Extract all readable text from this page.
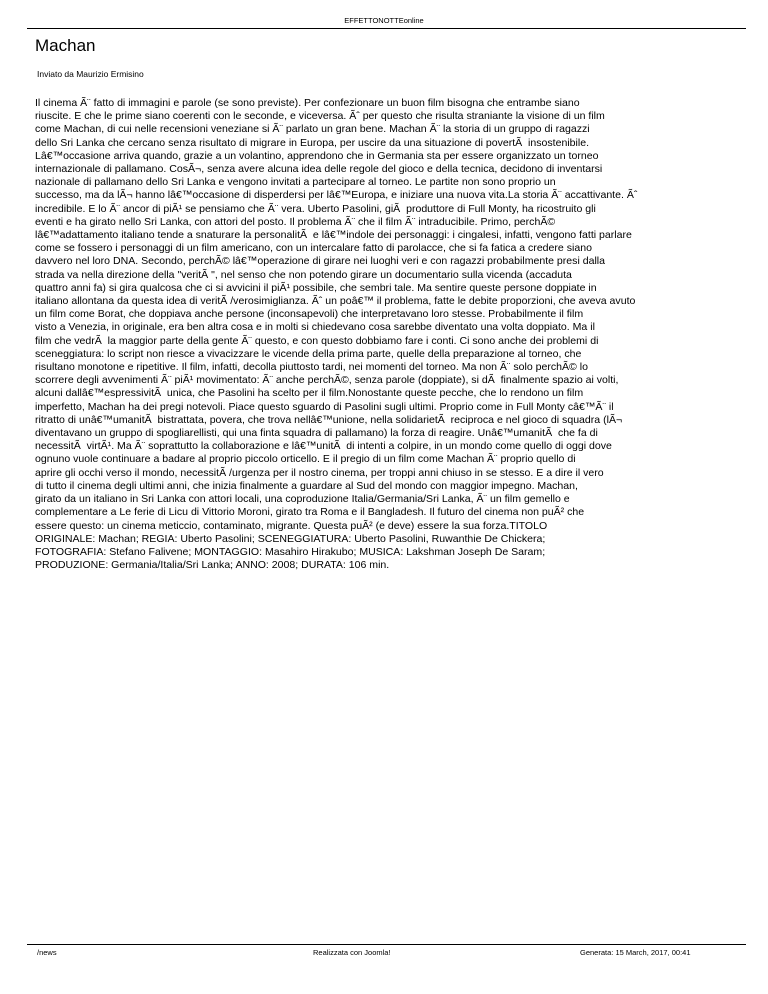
EFFETTONOTTEonline
Machan
Inviato da Maurizio Ermisino
Il cinema Ã¨ fatto di immagini e parole (se sono previste). Per confezionare un buon film bisogna che entrambe siano
riuscite. E che le prime siano coerenti con le seconde, e viceversa. Ãˆ per questo che risulta straniante la visione di un film
come Machan, di cui nelle recensioni veneziane si Ã¨ parlato un gran bene. Machan Ã¨ la storia di un gruppo di ragazzi
dello Sri Lanka che cercano senza risultato di migrare in Europa, per uscire da una situazione di povertÃ  insostenibile.
Lâ€™occasione arriva quando, grazie a un volantino, apprendono che in Germania sta per essere organizzato un torneo
internazionale di pallamano. CosÃ¬, senza avere alcuna idea delle regole del gioco e della tecnica, decidono di inventarsi
nazionale di pallamano dello Sri Lanka e vengono invitati a partecipare al torneo. Le partite non sono proprio un
successo, ma da lÃ¬ hanno lâ€™occasione di disperdersi per lâ€™Europa, e iniziare una nuova vita.La storia Ã¨ accattivante. Ãˆ
incredibile. E lo Ã¨ ancor di piÃ¹ se pensiamo che Ã¨ vera. Uberto Pasolini, giÃ  produttore di Full Monty, ha ricostruito gli
eventi e ha girato nello Sri Lanka, con attori del posto. Il problema Ã¨ che il film Ã¨ intraducibile. Primo, perchÃ©
lâ€™adattamento italiano tende a snaturare la personalitÃ  e lâ€™indole dei personaggi: i cingalesi, infatti, vengono fatti parlare
come se fossero i personaggi di un film americano, con un intercalare fatto di parolacce, che si fa fatica a credere siano
davvero nel loro DNA. Secondo, perchÃ© lâ€™operazione di girare nei luoghi veri e con ragazzi probabilmente presi dalla
strada va nella direzione della "veritÃ ", nel senso che non potendo girare un documentario sulla vicenda (accaduta
quattro anni fa) si gira qualcosa che ci si avvicini il piÃ¹ possibile, che sembri tale. Ma sentire queste persone doppiate in
italiano allontana da questa idea di veritÃ /verosimiglianza. Ãˆ un poâ€™ il problema, fatte le debite proporzioni, che aveva avuto
un film come Borat, che doppiava anche persone (inconsapevoli) che interpretavano loro stesse. Probabilmente il film
visto a Venezia, in originale, era ben altra cosa e in molti si chiedevano cosa sarebbe diventato una volta doppiato. Ma il
film che vedrÃ  la maggior parte della gente Ã¨ questo, e con questo dobbiamo fare i conti. Ci sono anche dei problemi di
sceneggiatura: lo script non riesce a vivacizzare le vicende della prima parte, quelle della preparazione al torneo, che
risultano monotone e ripetitive. Il film, infatti, decolla piuttosto tardi, nei momenti del torneo. Ma non Ã¨ solo perchÃ© lo
scorrere degli avvenimenti Ã¨ piÃ¹ movimentato: Ã¨ anche perchÃ©, senza parole (doppiate), si dÃ  finalmente spazio ai volti,
alcuni dallâ€™espressivitÃ  unica, che Pasolini ha scelto per il film.Nonostante queste pecche, che lo rendono un film
imperfetto, Machan ha dei pregi notevoli. Piace questo sguardo di Pasolini sugli ultimi. Proprio come in Full Monty câ€™Ã¨ il
ritratto di unâ€™umanitÃ  bistrattata, povera, che trova nellâ€™unione, nella solidarietÃ  reciproca e nel gioco di squadra (lÃ¬
diventavano un gruppo di spogliarellisti, qui una finta squadra di pallamano) la forza di reagire. Unâ€™umanitÃ  che fa di
necessitÃ  virtÃ¹. Ma Ã¨ soprattutto la collaborazione e lâ€™unitÃ  di intenti a colpire, in un mondo come quello di oggi dove
ognuno vuole continuare a badare al proprio piccolo orticello. E il pregio di un film come Machan Ã¨ proprio quello di
aprire gli occhi verso il mondo, necessitÃ /urgenza per il nostro cinema, per troppi anni chiuso in se stesso. E a dire il vero
di tutto il cinema degli ultimi anni, che inizia finalmente a guardare al Sud del mondo con maggior impegno. Machan,
girato da un italiano in Sri Lanka con attori locali, una coproduzione Italia/Germania/Sri Lanka, Ã¨ un film gemello e
complementare a Le ferie di Licu di Vittorio Moroni, girato tra Roma e il Bangladesh. Il futuro del cinema non puÃ² che
essere questo: un cinema meticcio, contaminato, migrante. Questa puÃ² (e deve) essere la sua forza.TITOLO
ORIGINALE: Machan; REGIA: Uberto Pasolini; SCENEGGIATURA: Uberto Pasolini, Ruwanthie De Chickera;
FOTOGRAFIA: Stefano Falivene; MONTAGGIO: Masahiro Hirakubo; MUSICA: Lakshman Joseph De Saram;
PRODUZIONE: Germania/Italia/Sri Lanka; ANNO: 2008; DURATA: 106 min.
/news	Realizzata con Joomla!	Generata: 15 March, 2017, 00:41
